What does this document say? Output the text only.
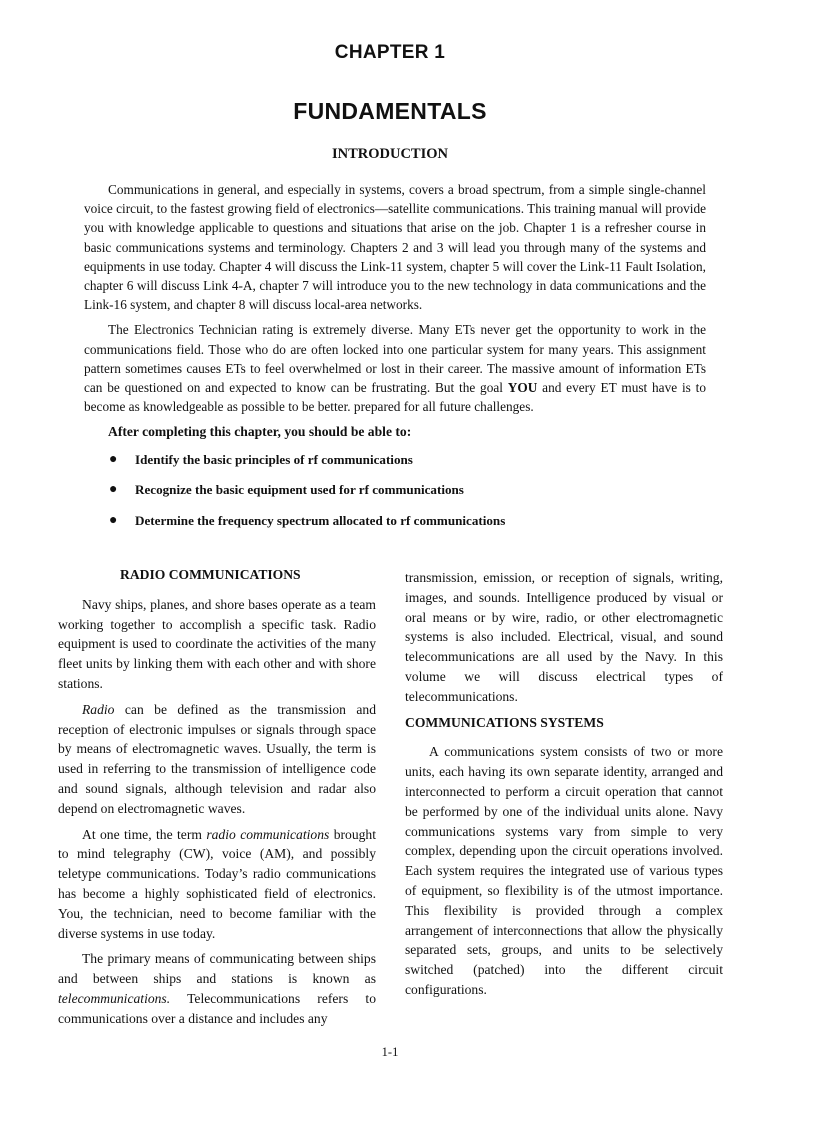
CHAPTER 1
FUNDAMENTALS
INTRODUCTION

Communications in general, and especially in systems, covers a broad spectrum, from a simple single-channel voice circuit, to the fastest growing field of electronics—satellite communications. This training manual will provide you with knowledge applicable to questions and situations that arise on the job. Chapter 1 is a refresher course in basic communications systems and terminology. Chapters 2 and 3 will lead you through many of the systems and equipments in use today. Chapter 4 will discuss the Link-11 system, chapter 5 will cover the Link-11 Fault Isolation, chapter 6 will discuss Link 4-A, chapter 7 will introduce you to the new technology in data communications and the Link-16 system, and chapter 8 will discuss local-area networks.

The Electronics Technician rating is extremely diverse. Many ETs never get the opportunity to work in the communications field. Those who do are often locked into one particular system for many years. This assignment pattern sometimes causes ETs to feel overwhelmed or lost in their career. The massive amount of information ETs can be questioned on and expected to know can be frustrating. But the goal YOU and every ET must have is to become as knowledgeable as possible to be better. prepared for all future challenges.

After completing this chapter, you should be able to:
● Identify the basic principles of rf communications
● Recognize the basic equipment used for rf communications
● Determine the frequency spectrum allocated to rf communications
RADIO COMMUNICATIONS

Navy ships, planes, and shore bases operate as a team working together to accomplish a specific task. Radio equipment is used to coordinate the activities of the many fleet units by linking them with each other and with shore stations.

Radio can be defined as the transmission and reception of electronic impulses or signals through space by means of electromagnetic waves. Usually, the term is used in referring to the transmission of intelligence code and sound signals, although television and radar also depend on electromagnetic waves.

At one time, the term radio communications brought to mind telegraphy (CW), voice (AM), and possibly teletype communications. Today’s radio communications has become a highly sophisticated field of electronics. You, the technician, need to become familiar with the diverse systems in use today.

The primary means of communicating between ships and between ships and stations is known as telecommunications. Telecommunications refers to communications over a distance and includes any

transmission, emission, or reception of signals, writing, images, and sounds. Intelligence produced by visual or oral means or by wire, radio, or other electromagnetic systems is also included. Electrical, visual, and sound telecommunications are all used by the Navy. In this volume we will discuss electrical types of telecommunications.

COMMUNICATIONS SYSTEMS

A communications system consists of two or more units, each having its own separate identity, arranged and interconnected to perform a circuit operation that cannot be performed by one of the individual units alone. Navy communications systems vary from simple to very complex, depending upon the circuit operations involved. Each system requires the integrated use of various types of equipment, so flexibility is of the utmost importance. This flexibility is provided through a complex arrangement of interconnections that allow the physically separated sets, groups, and units to be selectively switched (patched) into the different circuit configurations.

1-1
